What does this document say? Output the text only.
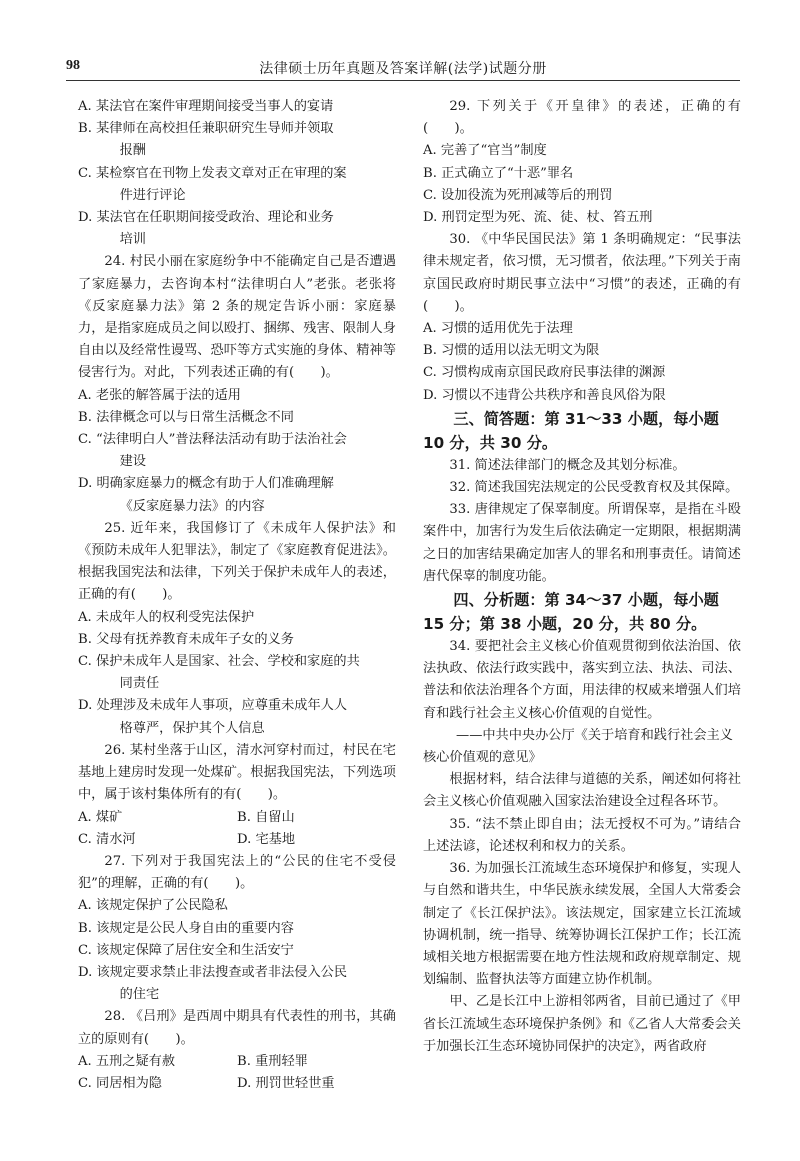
98	法律硕士历年真题及答案详解(法学)试题分册

A. 某法官在案件审理期间接受当事人的宴请

B. 某律师在高校担任兼职研究生导师并领取
报酬

C. 某检察官在刊物上发表文章对正在审理的案
件进行评论

D. 某法官在任职期间接受政治、理论和业务
培训

24. 村民小丽在家庭纷争中不能确定自己是否遭遇了家庭暴力，去咨询本村“法律明白人”老张。老张将《反家庭暴力法》第 2 条的规定告诉小丽：家庭暴力，是指家庭成员之间以殴打、捆绑、残害、限制人身自由以及经常性谩骂、恐吓等方式实施的身体、精神等侵害行为。对此，下列表述正确的有(　　)。

A. 老张的解答属于法的适用

B. 法律概念可以与日常生活概念不同

C. “法律明白人”普法释法活动有助于法治社会
建设

D. 明确家庭暴力的概念有助于人们准确理解
《反家庭暴力法》的内容

25. 近年来，我国修订了《未成年人保护法》和《预防未成年人犯罪法》，制定了《家庭教育促进法》。根据我国宪法和法律，下列关于保护未成年人的表述，正确的有(　　)。

A. 未成年人的权利受宪法保护

B. 父母有抚养教育未成年子女的义务

C. 保护未成年人是国家、社会、学校和家庭的共
同责任

D. 处理涉及未成年人事项，应尊重未成年人人
格尊严，保护其个人信息

26. 某村坐落于山区，清水河穿村而过，村民在宅基地上建房时发现一处煤矿。根据我国宪法，下列选项中，属于该村集体所有的有(　　)。

A. 煤矿	B. 自留山
C. 清水河	D. 宅基地

27. 下列对于我国宪法上的“公民的住宅不受侵犯”的理解，正确的有(　　)。

A. 该规定保护了公民隐私

B. 该规定是公民人身自由的重要内容

C. 该规定保障了居住安全和生活安宁

D. 该规定要求禁止非法搜查或者非法侵入公民
的住宅

28. 《吕刑》是西周中期具有代表性的刑书，其确立的原则有(　　)。

A. 五刑之疑有赦	B. 重刑轻罪
C. 同居相为隐	D. 刑罚世轻世重

29. 下列关于《开皇律》的表述，正确的有(　　)。

A. 完善了“官当”制度

B. 正式确立了“十恶”罪名

C. 设加役流为死刑减等后的刑罚

D. 刑罚定型为死、流、徒、杖、笞五刑

30. 《中华民国民法》第 1 条明确规定：“民事法律未规定者，依习惯，无习惯者，依法理。”下列关于南京国民政府时期民事立法中“习惯”的表述，正确的有(　　)。

A. 习惯的适用优先于法理

B. 习惯的适用以法无明文为限

C. 习惯构成南京国民政府民事法律的渊源

D. 习惯以不违背公共秩序和善良风俗为限

三、简答题：第 31～33 小题，每小题 10 分，共 30 分。

31. 简述法律部门的概念及其划分标准。

32. 简述我国宪法规定的公民受教育权及其保障。

33. 唐律规定了保辜制度。所谓保辜，是指在斗殴案件中，加害行为发生后依法确定一定期限，根据期满之日的加害结果确定加害人的罪名和刑事责任。请简述唐代保辜的制度功能。

四、分析题：第 34～37 小题，每小题 15 分；第 38 小题，20 分，共 80 分。

34. 要把社会主义核心价值观贯彻到依法治国、依法执政、依法行政实践中，落实到立法、执法、司法、普法和依法治理各个方面，用法律的权威来增强人们培育和践行社会主义核心价值观的自觉性。

——中共中央办公厅《关于培育和践行社会主义核心价值观的意见》

根据材料，结合法律与道德的关系，阐述如何将社会主义核心价值观融入国家法治建设全过程各环节。

35. “法不禁止即自由；法无授权不可为。”请结合上述法谚，论述权利和权力的关系。

36. 为加强长江流域生态环境保护和修复，实现人与自然和谐共生，中华民族永续发展，全国人大常委会制定了《长江保护法》。该法规定，国家建立长江流域协调机制，统一指导、统筹协调长江保护工作；长江流域相关地方根据需要在地方性法规和政府规章制定、规划编制、监督执法等方面建立协作机制。

甲、乙是长江中上游相邻两省，目前已通过了《甲省长江流域生态环境保护条例》和《乙省人大常委会关于加强长江生态环境协同保护的决定》，两省政府
